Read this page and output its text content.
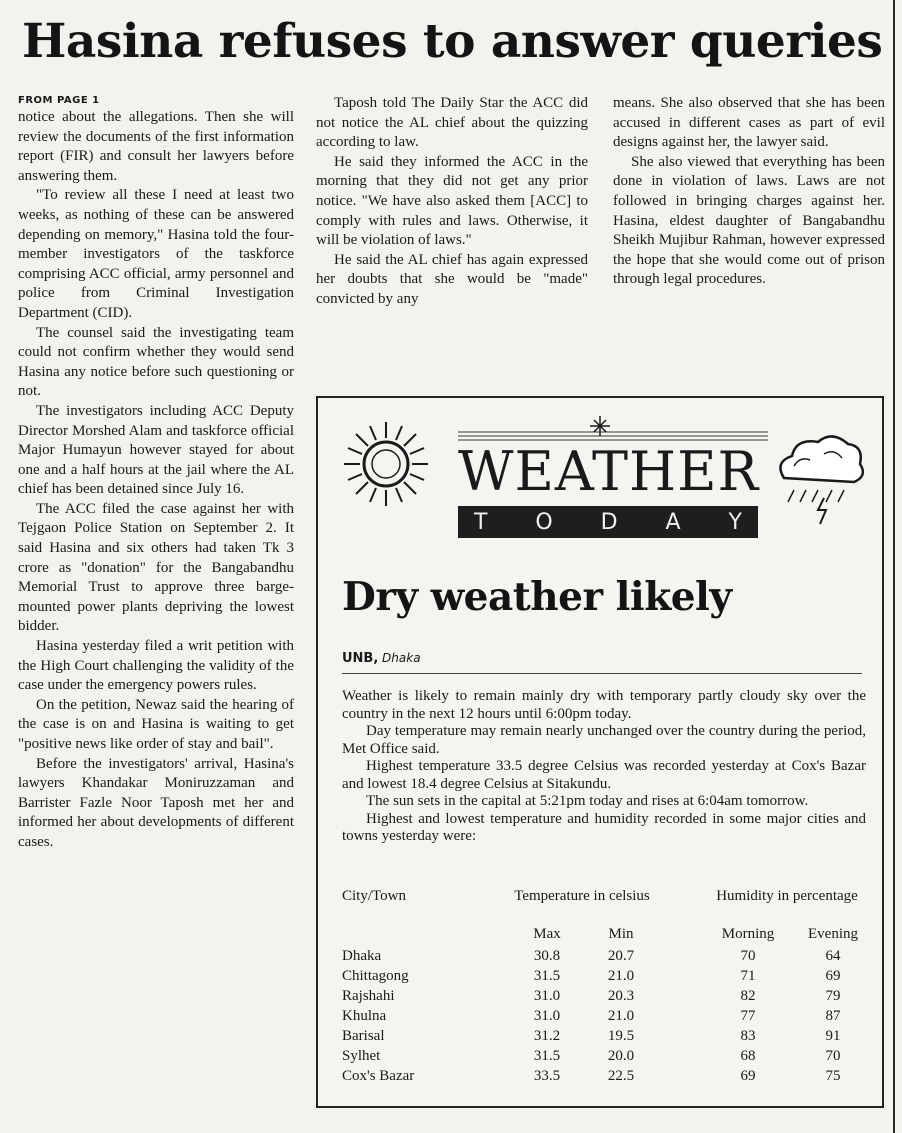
Hasina refuses to answer queries
FROM PAGE 1

notice about the allegations. Then she will review the documents of the first information report (FIR) and consult her lawyers before answering them.

"To review all these I need at least two weeks, as nothing of these can be answered depending on memory," Hasina told the four-member investigators of the taskforce comprising ACC official, army personnel and police from Criminal Investigation Department (CID).

The counsel said the investigating team could not confirm whether they would send Hasina any notice before such questioning or not.

The investigators including ACC Deputy Director Morshed Alam and taskforce official Major Humayun however stayed for about one and a half hours at the jail where the AL chief has been detained since July 16.

The ACC filed the case against her with Tejgaon Police Station on September 2. It said Hasina and six others had taken Tk 3 crore as "donation" for the Bangabandhu Memorial Trust to approve three barge-mounted power plants depriving the lowest bidder.

Hasina yesterday filed a writ petition with the High Court challenging the validity of the case under the emergency powers rules.

On the petition, Newaz said the hearing of the case is on and Hasina is waiting to get "positive news like order of stay and bail".

Before the investigators' arrival, Hasina's lawyers Khandakar Moniruzzaman and Barrister Fazle Noor Taposh met her and informed her about developments of different cases.

Taposh told The Daily Star the ACC did not notice the AL chief about the quizzing according to law.

He said they informed the ACC in the morning that they did not get any prior notice. "We have also asked them [ACC] to comply with rules and laws. Otherwise, it will be violation of laws."

He said the AL chief has again expressed her doubts that she would be "made" convicted by any

means. She also observed that she has been accused in different cases as part of evil designs against her, the lawyer said.

She also viewed that everything has been done in violation of laws. Laws are not followed in bringing charges against her. Hasina, eldest daughter of Bangabandhu Sheikh Mujibur Rahman, however expressed the hope that she would come out of prison through legal procedures.

WEATHER
T O D A Y
Dry weather likely
UNB, Dhaka

Weather is likely to remain mainly dry with temporary partly cloudy sky over the country in the next 12 hours until 6:00pm today.

Day temperature may remain nearly unchanged over the country during the period, Met Office said.

Highest temperature 33.5 degree Celsius was recorded yesterday at Cox's Bazar and lowest 18.4 degree Celsius at Sitakundu.

The sun sets in the capital at 5:21pm today and rises at 6:04am tomorrow.

Highest and lowest temperature and humidity recorded in some major cities and towns yesterday were:

City/Town	Temperature in celsius	Humidity in percentage
Max	Min	Morning	Evening
Dhaka	30.8	20.7	70	64
Chittagong	31.5	21.0	71	69
Rajshahi	31.0	20.3	82	79
Khulna	31.0	21.0	77	87
Barisal	31.2	19.5	83	91
Sylhet	31.5	20.0	68	70
Cox's Bazar	33.5	22.5	69	75
